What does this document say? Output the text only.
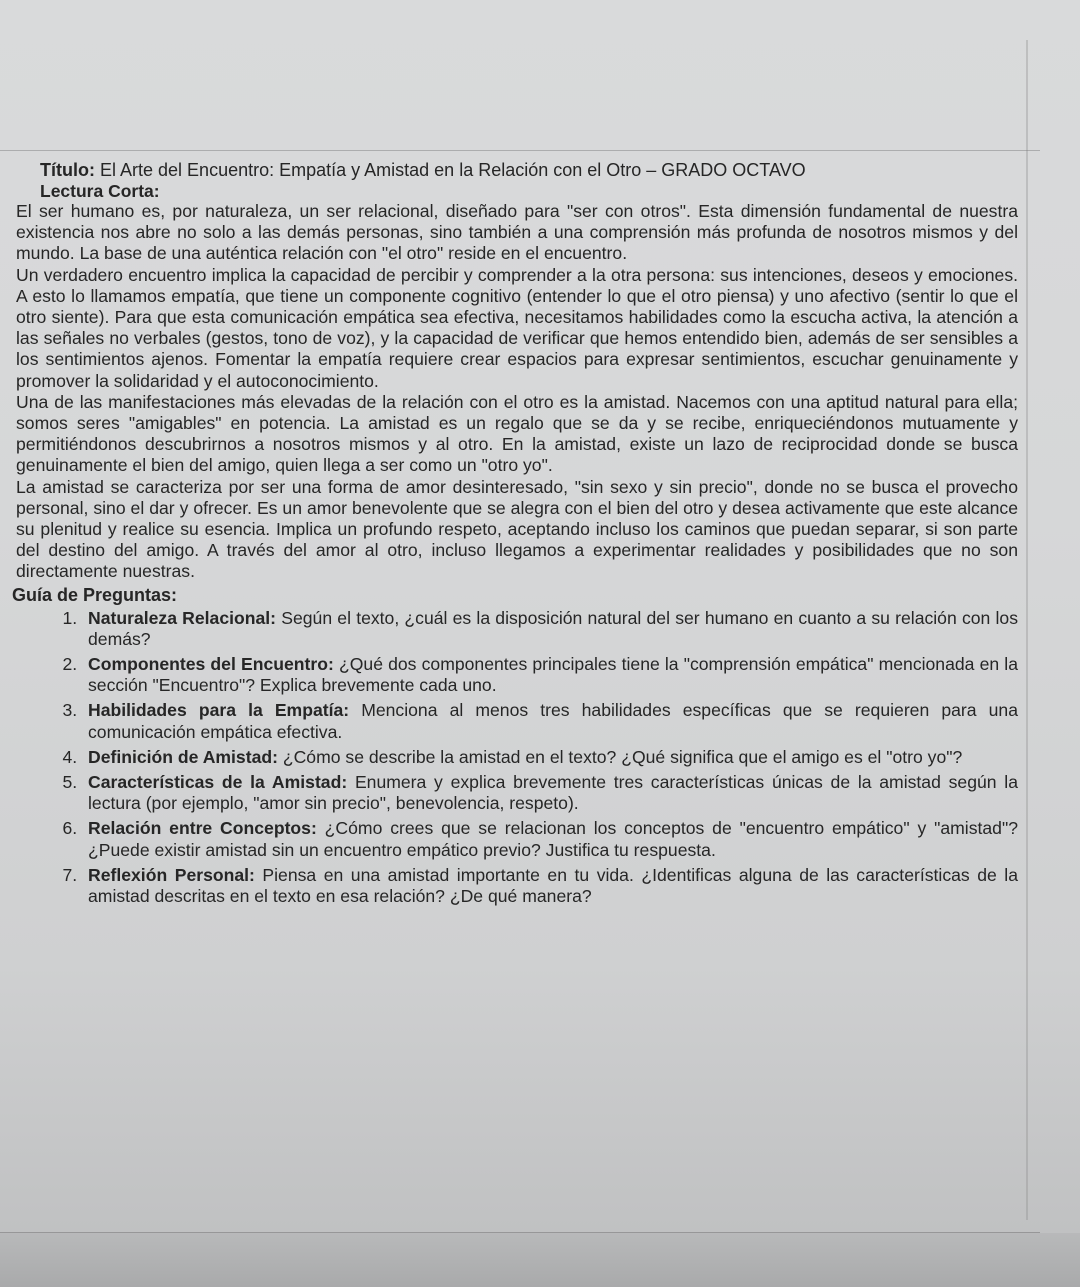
Título: El Arte del Encuentro: Empatía y Amistad en la Relación con el Otro – GRADO OCTAVO
Lectura Corta:

El ser humano es, por naturaleza, un ser relacional, diseñado para "ser con otros". Esta dimensión fundamental de nuestra existencia nos abre no solo a las demás personas, sino también a una comprensión más profunda de nosotros mismos y del mundo. La base de una auténtica relación con "el otro" reside en el encuentro.

Un verdadero encuentro implica la capacidad de percibir y comprender a la otra persona: sus intenciones, deseos y emociones. A esto lo llamamos empatía, que tiene un componente cognitivo (entender lo que el otro piensa) y uno afectivo (sentir lo que el otro siente). Para que esta comunicación empática sea efectiva, necesitamos habilidades como la escucha activa, la atención a las señales no verbales (gestos, tono de voz), y la capacidad de verificar que hemos entendido bien, además de ser sensibles a los sentimientos ajenos. Fomentar la empatía requiere crear espacios para expresar sentimientos, escuchar genuinamente y promover la solidaridad y el autoconocimiento.

Una de las manifestaciones más elevadas de la relación con el otro es la amistad. Nacemos con una aptitud natural para ella; somos seres "amigables" en potencia. La amistad es un regalo que se da y se recibe, enriqueciéndonos mutuamente y permitiéndonos descubrirnos a nosotros mismos y al otro. En la amistad, existe un lazo de reciprocidad donde se busca genuinamente el bien del amigo, quien llega a ser como un "otro yo".

La amistad se caracteriza por ser una forma de amor desinteresado, "sin sexo y sin precio", donde no se busca el provecho personal, sino el dar y ofrecer. Es un amor benevolente que se alegra con el bien del otro y desea activamente que este alcance su plenitud y realice su esencia. Implica un profundo respeto, aceptando incluso los caminos que puedan separar, si son parte del destino del amigo. A través del amor al otro, incluso llegamos a experimentar realidades y posibilidades que no son directamente nuestras.

Guía de Preguntas:
1. Naturaleza Relacional: Según el texto, ¿cuál es la disposición natural del ser humano en cuanto a su relación con los demás?
2. Componentes del Encuentro: ¿Qué dos componentes principales tiene la "comprensión empática" mencionada en la sección "Encuentro"? Explica brevemente cada uno.
3. Habilidades para la Empatía: Menciona al menos tres habilidades específicas que se requieren para una comunicación empática efectiva.
4. Definición de Amistad: ¿Cómo se describe la amistad en el texto? ¿Qué significa que el amigo es el "otro yo"?
5. Características de la Amistad: Enumera y explica brevemente tres características únicas de la amistad según la lectura (por ejemplo, "amor sin precio", benevolencia, respeto).
6. Relación entre Conceptos: ¿Cómo crees que se relacionan los conceptos de "encuentro empático" y "amistad"? ¿Puede existir amistad sin un encuentro empático previo? Justifica tu respuesta.
7. Reflexión Personal: Piensa en una amistad importante en tu vida. ¿Identificas alguna de las características de la amistad descritas en el texto en esa relación? ¿De qué manera?
